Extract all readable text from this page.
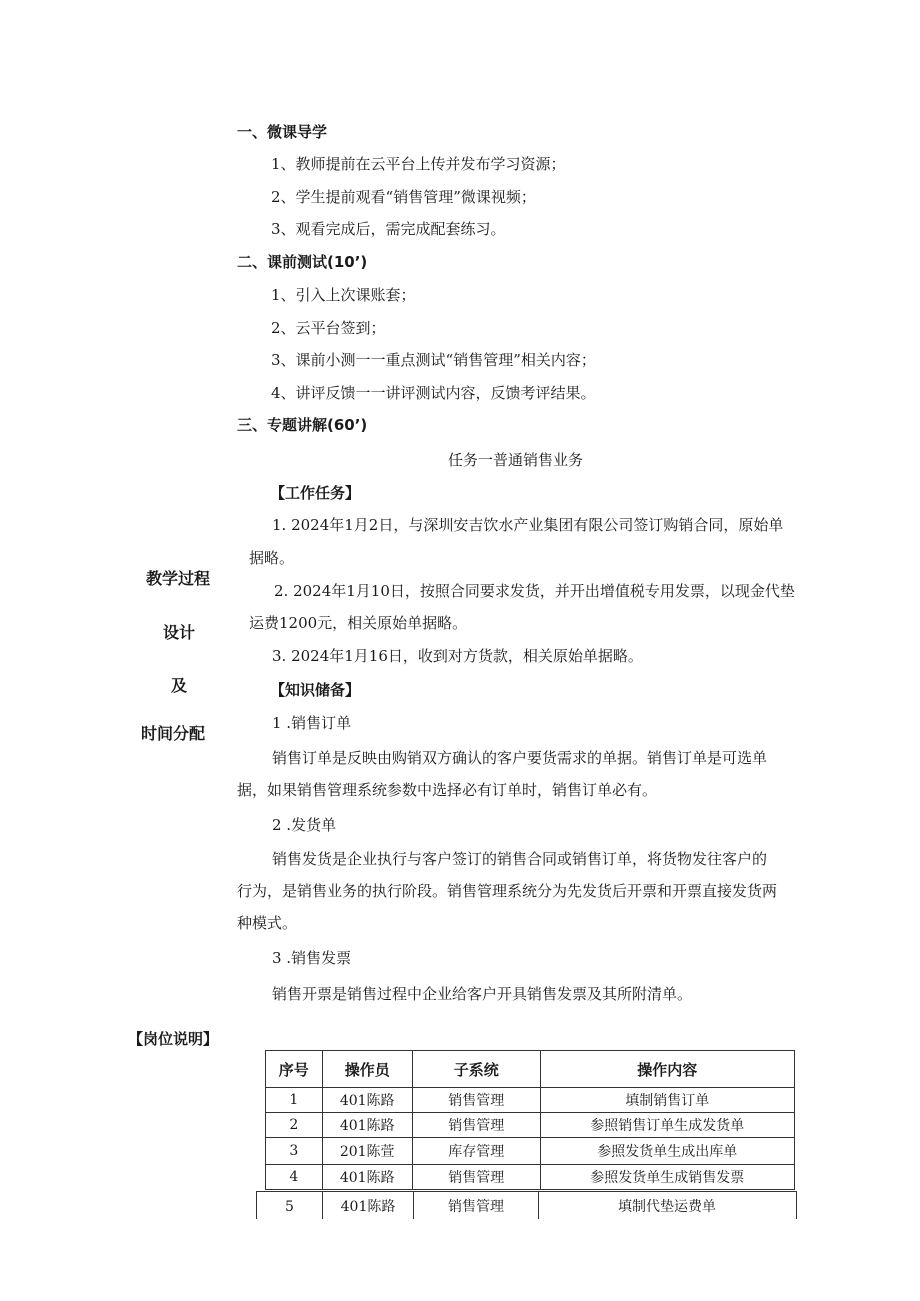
一、微课导学
1、教师提前在云平台上传并发布学习资源；
2、学生提前观看“销售管理”微课视频；
3、观看完成后，需完成配套练习。
二、课前测试(10’)
1、引入上次课账套；
2、云平台签到；
3、课前小测一一重点测试“销售管理”相关内容；
4、讲评反馈一一讲评测试内容，反馈考评结果。
三、专题讲解(60’)
任务一普通销售业务
【工作任务】
1. 2024年1月2日，与深圳安吉饮水产业集团有限公司签订购销合同，原始单
据略。
2. 2024年1月10日，按照合同要求发货，并开出增值税专用发票，以现金代垫
运费1200元，相关原始单据略。
3. 2024年1月16日，收到对方货款，相关原始单据略。
教学过程
设计
及
时间分配
【知识储备】
1 .销售订单
销售订单是反映由购销双方确认的客户要货需求的单据。销售订单是可选单
据，如果销售管理系统参数中选择必有订单时，销售订单必有。
2 .发货单
销售发货是企业执行与客户签订的销售合同或销售订单，将货物发往客户的
行为，是销售业务的执行阶段。销售管理系统分为先发货后开票和开票直接发货两
种模式。
3 .销售发票
销售开票是销售过程中企业给客户开具销售发票及其所附清单。
【岗位说明】
序号	操作员	子系统	操作内容
1	401陈路	销售管理	填制销售订单
2	401陈路	销售管理	参照销售订单生成发货单
3	201陈萱	库存管理	参照发货单生成出库单
4	401陈路	销售管理	参照发货单生成销售发票
5	401陈路	销售管理	填制代垫运费单
